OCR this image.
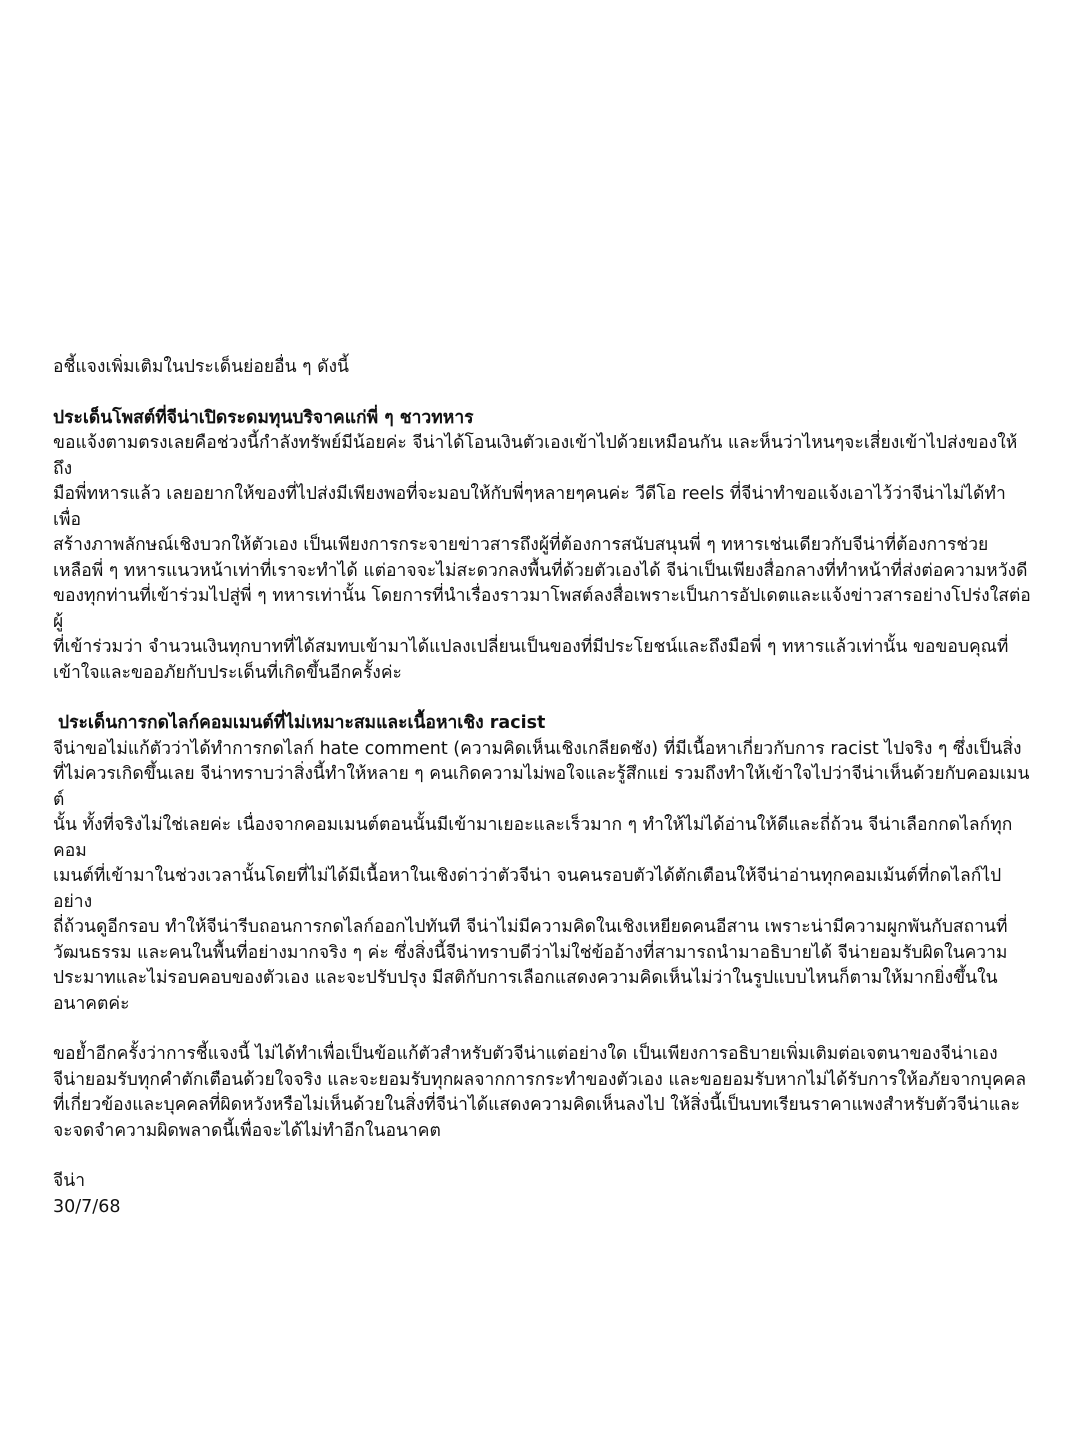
อชี้แจงเพิ่มเติมในประเด็นย่อยอื่น ๆ ดังนี้

ประเด็นโพสต์ที่จีน่าเปิดระดมทุนบริจาคแก่พี่ ๆ ชาวทหาร

ขอแจ้งตามตรงเลยคือช่วงนี้กำลังทรัพย์มีน้อยค่ะ จีน่าได้โอนเงินตัวเองเข้าไปด้วยเหมือนกัน และห็นว่าไหนๆจะเสี่ยงเข้าไปส่งของให้ถึง

มือพี่ทหารแล้ว เลยอยากให้ของที่ไปส่งมีเพียงพอที่จะมอบให้กับพี่ๆหลายๆคนค่ะ วีดีโอ reels ที่จีน่าทำขอแจ้งเอาไว้ว่าจีน่าไม่ได้ทำเพื่อ

สร้างภาพลักษณ์เชิงบวกให้ตัวเอง เป็นเพียงการกระจายข่าวสารถึงผู้ที่ต้องการสนับสนุนพี่ ๆ ทหารเช่นเดียวกับจีน่าที่ต้องการช่วย

เหลือพี่ ๆ ทหารแนวหน้าเท่าที่เราจะทำได้ แต่อาจจะไม่สะดวกลงพื้นที่ด้วยตัวเองได้ จีน่าเป็นเพียงสื่อกลางที่ทำหน้าที่ส่งต่อความหวังดี

ของทุกท่านที่เข้าร่วมไปสู่พี่ ๆ ทหารเท่านั้น โดยการที่นำเรื่องราวมาโพสต์ลงสื่อเพราะเป็นการอัปเดตและแจ้งข่าวสารอย่างโปร่งใสต่อผู้

ที่เข้าร่วมว่า จำนวนเงินทุกบาทที่ได้สมทบเข้ามาได้แปลงเปลี่ยนเป็นของที่มีประโยชน์และถึงมือพี่ ๆ ทหารแล้วเท่านั้น ขอขอบคุณที่

เข้าใจและขออภัยกับประเด็นที่เกิดขึ้นอีกครั้งค่ะ

ประเด็นการกดไลก์คอมเมนต์ที่ไม่เหมาะสมและเนื้อหาเชิง racist

จีน่าขอไม่แก้ตัวว่าได้ทำการกดไลก์ hate comment (ความคิดเห็นเชิงเกลียดชัง) ที่มีเนื้อหาเกี่ยวกับการ racist ไปจริง ๆ ซึ่งเป็นสิ่ง

ที่ไม่ควรเกิดขึ้นเลย จีน่าทราบว่าสิ่งนี้ทำให้หลาย ๆ คนเกิดความไม่พอใจและรู้สึกแย่ รวมถึงทำให้เข้าใจไปว่าจีน่าเห็นด้วยกับคอมเมนต์

นั้น ทั้งที่จริงไม่ใช่เลยค่ะ เนื่องจากคอมเมนต์ตอนนั้นมีเข้ามาเยอะและเร็วมาก ๆ ทำให้ไม่ได้อ่านให้ดีและถี่ถ้วน จีน่าเลือกกดไลก์ทุกคอม

เมนต์ที่เข้ามาในช่วงเวลานั้นโดยที่ไม่ได้มีเนื้อหาในเชิงด่าว่าตัวจีน่า จนคนรอบตัวได้ตักเตือนให้จีน่าอ่านทุกคอมเม้นต์ที่กดไลก์ไปอย่าง

ถี่ถ้วนดูอีกรอบ ทำให้จีน่ารีบถอนการกดไลก์ออกไปทันที จีน่าไม่มีความคิดในเชิงเหยียดคนอีสาน เพราะน่ามีความผูกพันกับสถานที่

วัฒนธรรม และคนในพื้นที่อย่างมากจริง ๆ ค่ะ ซึ่งสิ่งนี้จีน่าทราบดีว่าไม่ใช่ข้ออ้างที่สามารถนำมาอธิบายได้ จีน่ายอมรับผิดในความ

ประมาทและไม่รอบคอบของตัวเอง และจะปรับปรุง มีสติกับการเลือกแสดงความคิดเห็นไม่ว่าในรูปแบบไหนก็ตามให้มากยิ่งขึ้นใน

อนาคตค่ะ

ขอย้ำอีกครั้งว่าการชี้แจงนี้ ไม่ได้ทำเพื่อเป็นข้อแก้ตัวสำหรับตัวจีน่าแต่อย่างใด เป็นเพียงการอธิบายเพิ่มเติมต่อเจตนาของจีน่าเอง

จีน่ายอมรับทุกคำตักเตือนด้วยใจจริง และจะยอมรับทุกผลจากการกระทำของตัวเอง และขอยอมรับหากไม่ได้รับการให้อภัยจากบุคคล

ที่เกี่ยวข้องและบุคคลที่ผิดหวังหรือไม่เห็นด้วยในสิ่งที่จีน่าได้แสดงความคิดเห็นลงไป ให้สิ่งนี้เป็นบทเรียนราคาแพงสำหรับตัวจีน่าและ

จะจดจำความผิดพลาดนี้เพื่อจะได้ไม่ทำอีกในอนาคต

จีน่า

30/7/68
